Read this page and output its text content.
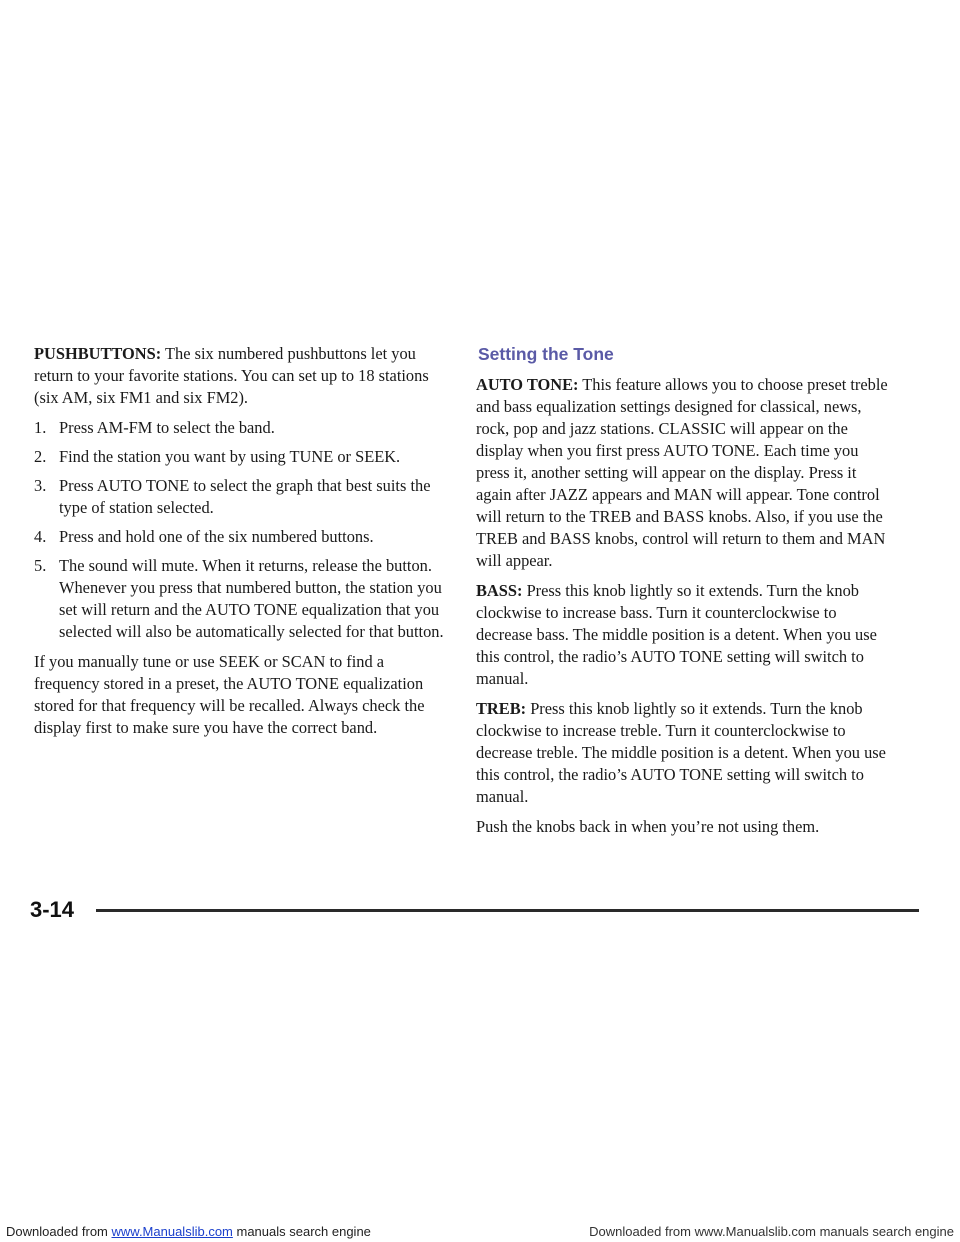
PUSHBUTTONS: The six numbered pushbuttons let you return to your favorite stations. You can set up to 18 stations (six AM, six FM1 and six FM2).

1. Press AM-FM to select the band.
2. Find the station you want by using TUNE or SEEK.
3. Press AUTO TONE to select the graph that best suits the type of station selected.
4. Press and hold one of the six numbered buttons.
5. The sound will mute. When it returns, release the button. Whenever you press that numbered button, the station you set will return and the AUTO TONE equalization that you selected will also be automatically selected for that button.

If you manually tune or use SEEK or SCAN to find a frequency stored in a preset, the AUTO TONE equalization stored for that frequency will be recalled. Always check the display first to make sure you have the correct band.

Setting the Tone

AUTO TONE: This feature allows you to choose preset treble and bass equalization settings designed for classical, news, rock, pop and jazz stations. CLASSIC will appear on the display when you first press AUTO TONE. Each time you press it, another setting will appear on the display. Press it again after JAZZ appears and MAN will appear. Tone control will return to the TREB and BASS knobs. Also, if you use the TREB and BASS knobs, control will return to them and MAN will appear.

BASS: Press this knob lightly so it extends. Turn the knob clockwise to increase bass. Turn it counterclockwise to decrease bass. The middle position is a detent. When you use this control, the radio’s AUTO TONE setting will switch to manual.

TREB: Press this knob lightly so it extends. Turn the knob clockwise to increase treble. Turn it counterclockwise to decrease treble. The middle position is a detent. When you use this control, the radio’s AUTO TONE setting will switch to manual.

Push the knobs back in when you’re not using them.

3-14
Downloaded from www.Manualslib.com manuals search engine	Downloaded from www.Manualslib.com manuals search engine
